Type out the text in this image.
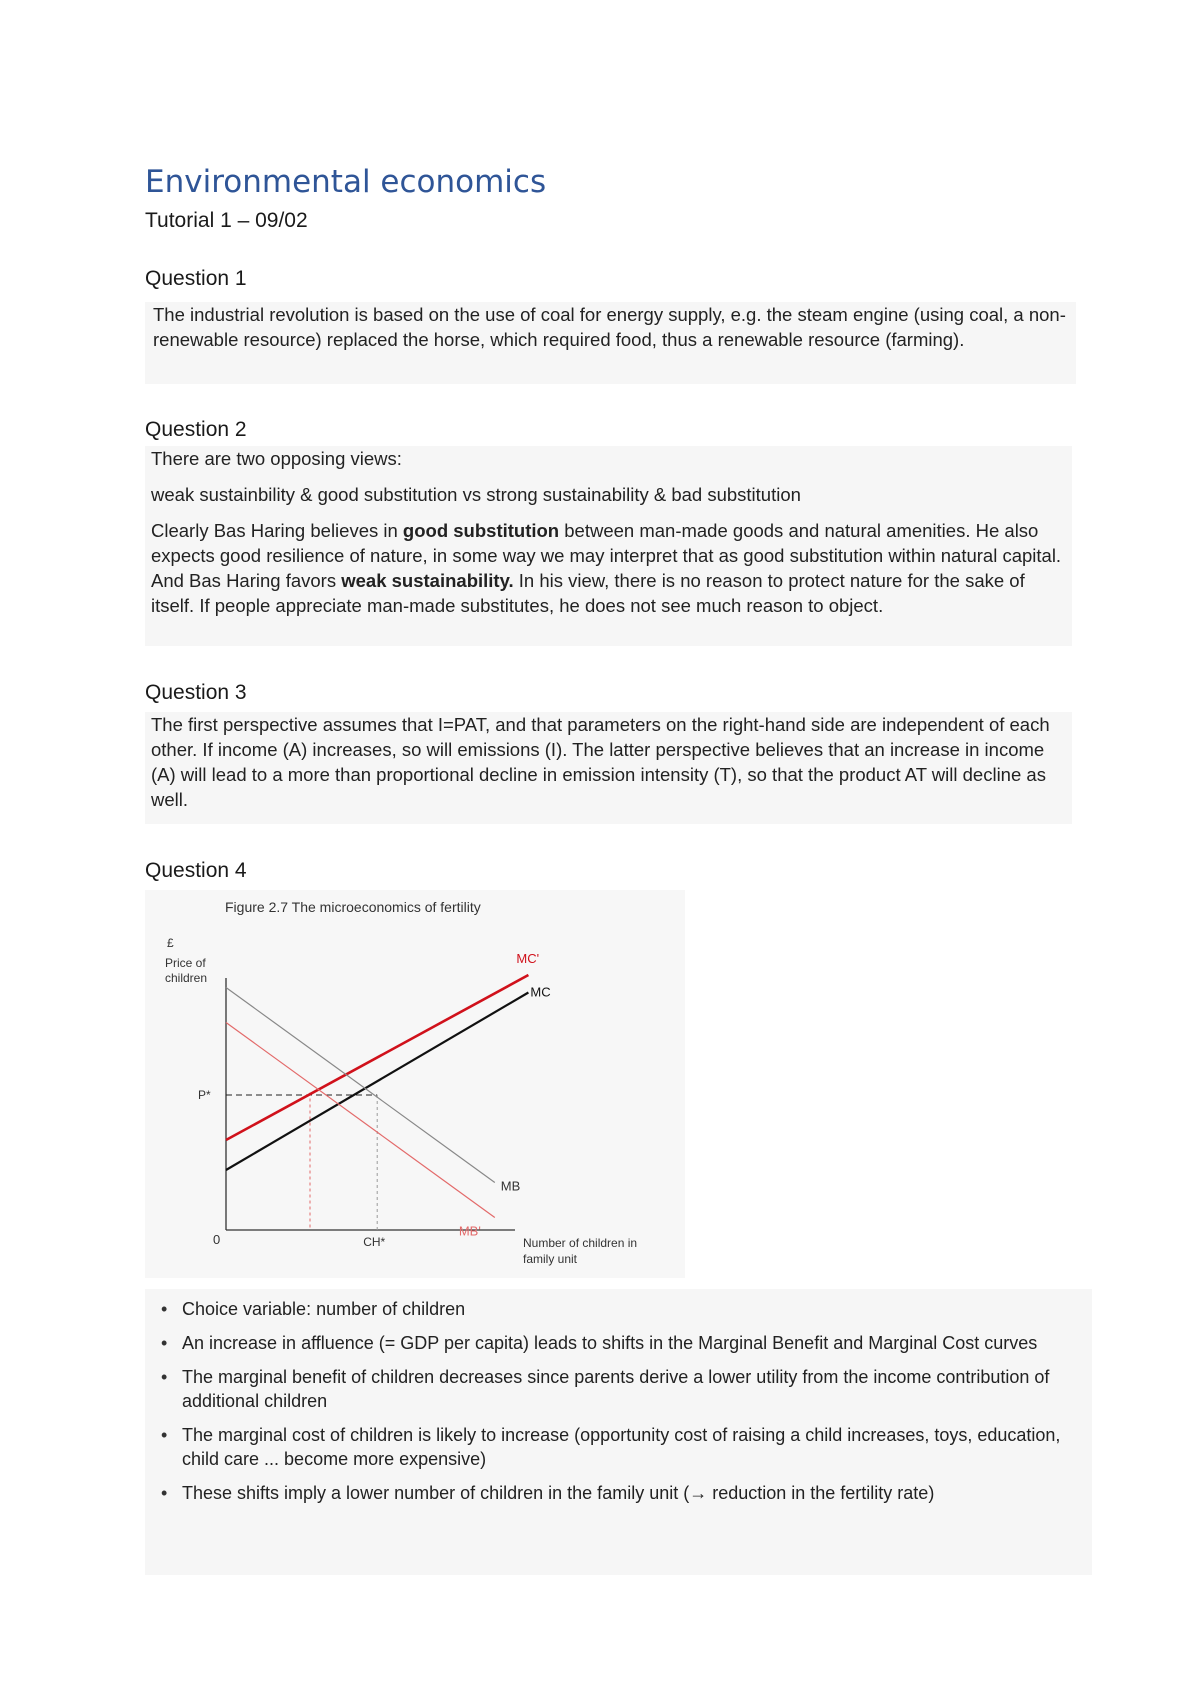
Environmental economics
Tutorial 1 – 09/02
Question 1

The industrial revolution is based on the use of coal for energy supply, e.g. the steam engine (using coal, a non-renewable resource) replaced the horse, which required food, thus a renewable resource (farming).

Question 2

There are two opposing views:

weak sustainbility & good substitution vs strong sustainability & bad substitution

Clearly Bas Haring believes in good substitution between man-made goods and natural amenities. He also expects good resilience of nature, in some way we may interpret that as good substitution within natural capital. And Bas Haring favors weak sustainability. In his view, there is no reason to protect nature for the sake of itself. If people appreciate man-made substitutes, he does not see much reason to object.

Question 3

The first perspective assumes that I=PAT, and that parameters on the right-hand side are independent of each other. If income (A) increases, so will emissions (I). The latter perspective believes that an increase in income (A) will lead to a more than proportional decline in emission intensity (T), so that the product AT will decline as well.

Question 4
Figure 2.7 The microeconomics of fertility
£
Price of children
Number of children in family unit
0
P*
CH*
MC
MC'
MB
MB'
• Choice variable: number of children
• An increase in affluence (= GDP per capita) leads to shifts in the Marginal Benefit and Marginal Cost curves
• The marginal benefit of children decreases since parents derive a lower utility from the income contribution of additional children
• The marginal cost of children is likely to increase (opportunity cost of raising a child increases, toys, education, child care ... become more expensive)
• These shifts imply a lower number of children in the family unit (→ reduction in the fertility rate)
